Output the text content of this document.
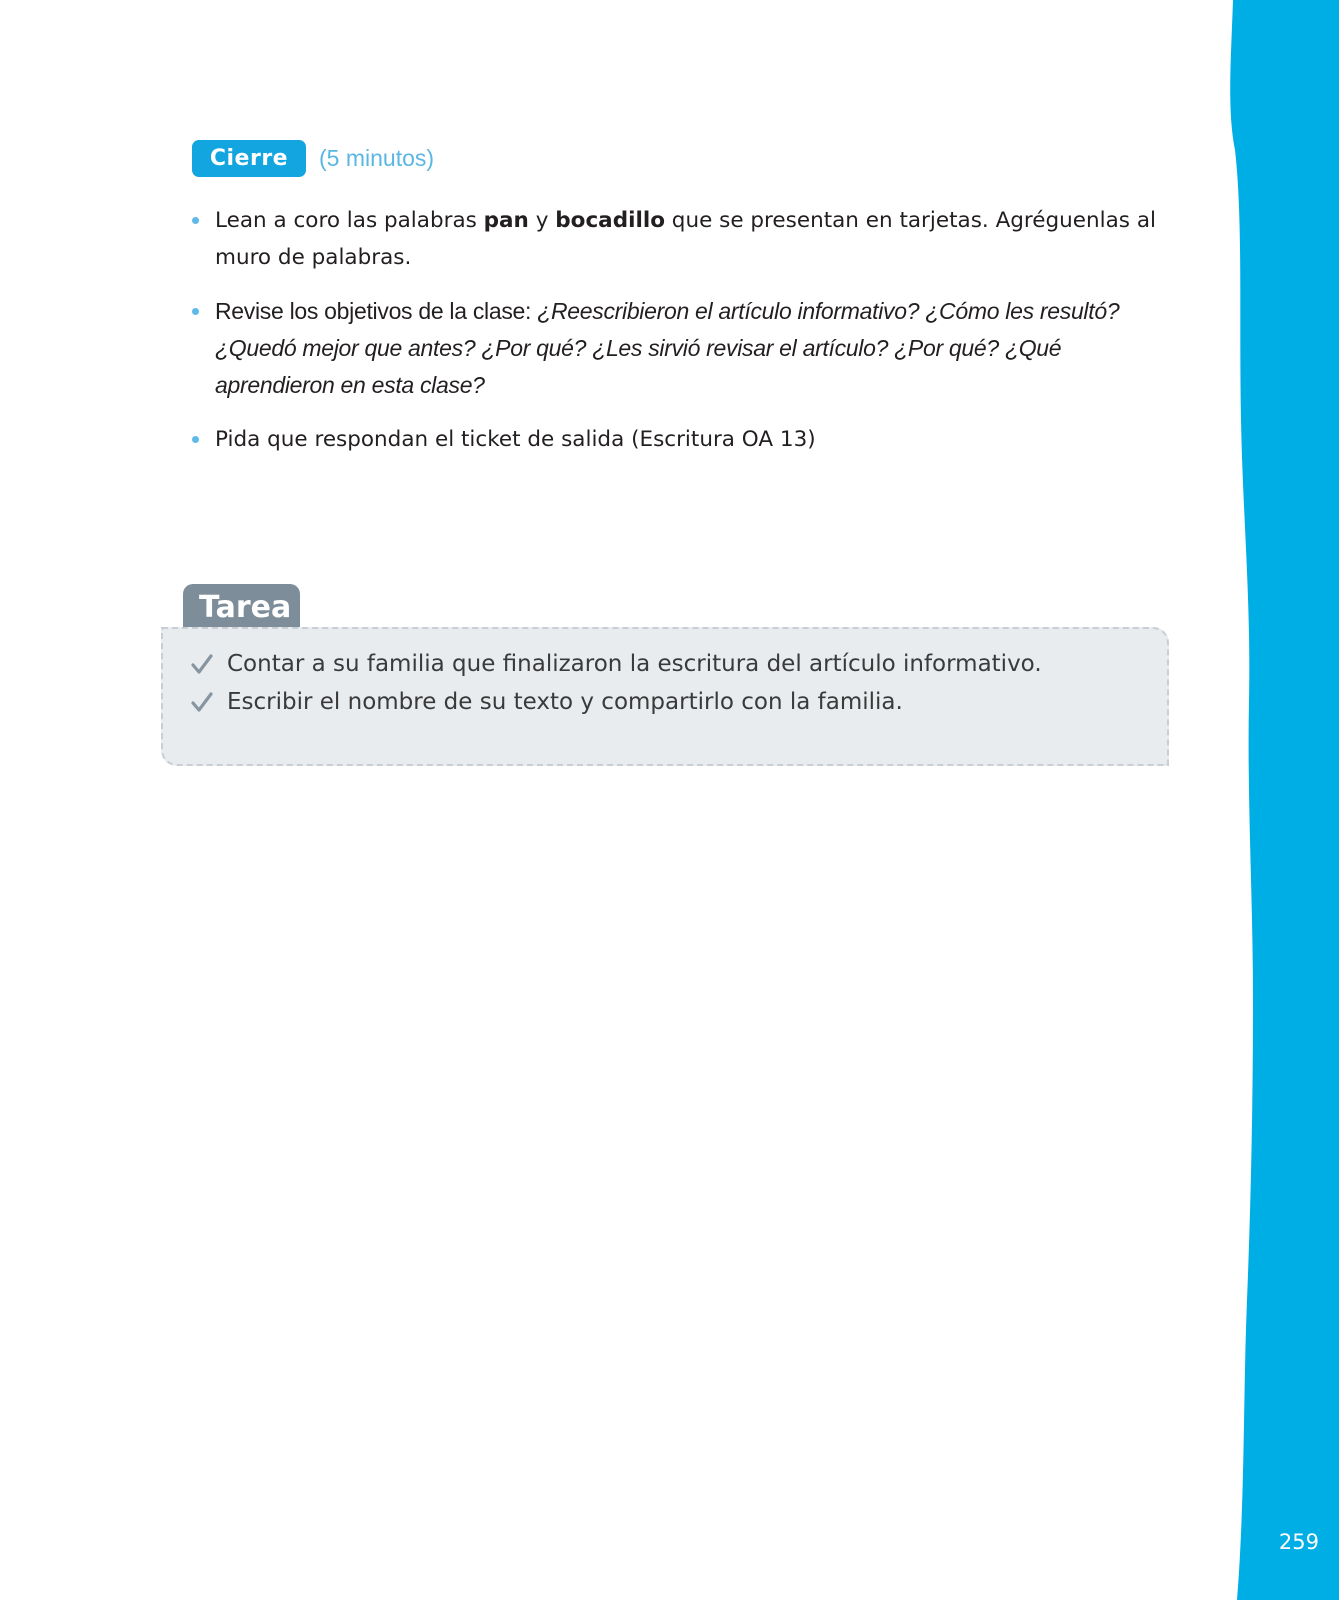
259
Cierre	(5 minutos)
Lean a coro las palabras pan y bocadillo que se presentan en tarjetas. Agréguenlas al muro de palabras.
Revise los objetivos de la clase: ¿Reescribieron el artículo informativo? ¿Cómo les resultó? ¿Quedó mejor que antes? ¿Por qué? ¿Les sirvió revisar el artículo? ¿Por qué? ¿Qué aprendieron en esta clase?
Pida que respondan el ticket de salida (Escritura OA 13)
Tarea
Contar a su familia que finalizaron la escritura del artículo informativo.
Escribir el nombre de su texto y compartirlo con la familia.
